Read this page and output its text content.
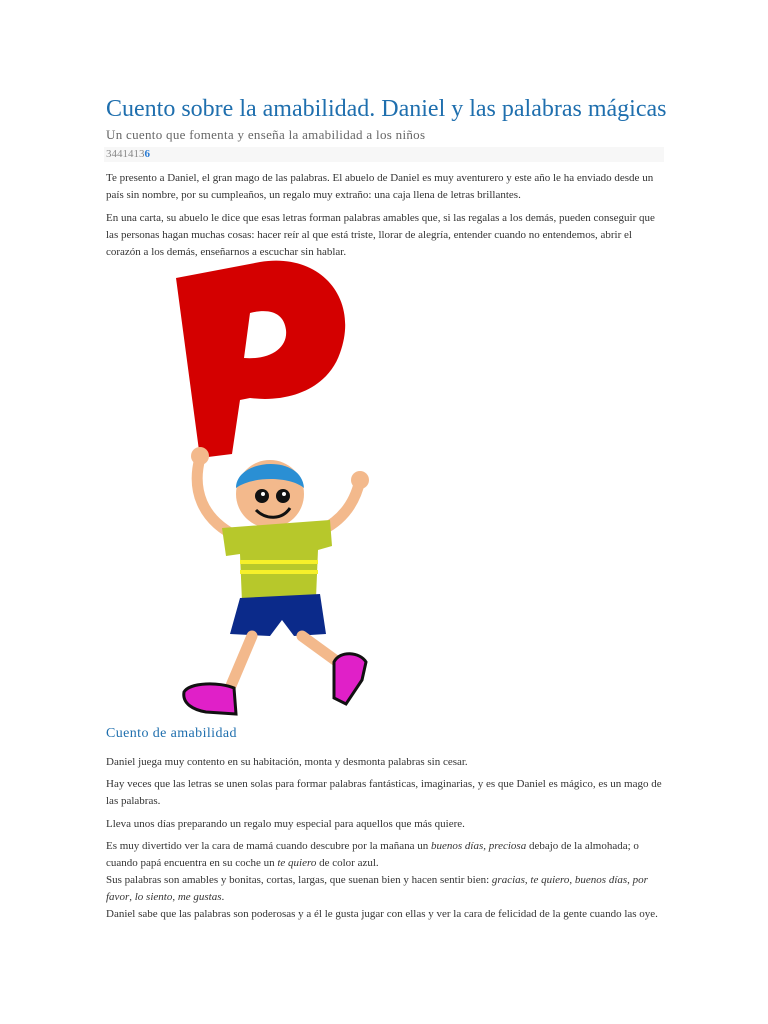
Cuento sobre la amabilidad. Daniel y las palabras mágicas
Un cuento que fomenta y enseña la amabilidad a los niños
34414136

Te presento a Daniel, el gran mago de las palabras. El abuelo de Daniel es muy aventurero y este año le ha enviado desde un país sin nombre, por su cumpleaños, un regalo muy extraño: una caja llena de letras brillantes.

En una carta, su abuelo le dice que esas letras forman palabras amables que, si las regalas a los demás, pueden conseguir que las personas hagan muchas cosas: hacer reír al que está triste, llorar de alegría, entender cuando no entendemos, abrir el corazón a los demás, enseñarnos a escuchar sin hablar.

Cuento de amabilidad

Daniel juega muy contento en su habitación, monta y desmonta palabras sin cesar.

Hay veces que las letras se unen solas para formar palabras fantásticas, imaginarias, y es que Daniel es mágico, es un mago de las palabras.

Lleva unos días preparando un regalo muy especial para aquellos que más quiere.

Es muy divertido ver la cara de mamá cuando descubre por la mañana un buenos días, preciosa debajo de la almohada; o cuando papá encuentra en su coche un te quiero de color azul.
Sus palabras son amables y bonitas, cortas, largas, que suenan bien y hacen sentir bien: gracias, te quiero, buenos días, por favor, lo siento, me gustas.
Daniel sabe que las palabras son poderosas y a él le gusta jugar con ellas y ver la cara de felicidad de la gente cuando las oye.
